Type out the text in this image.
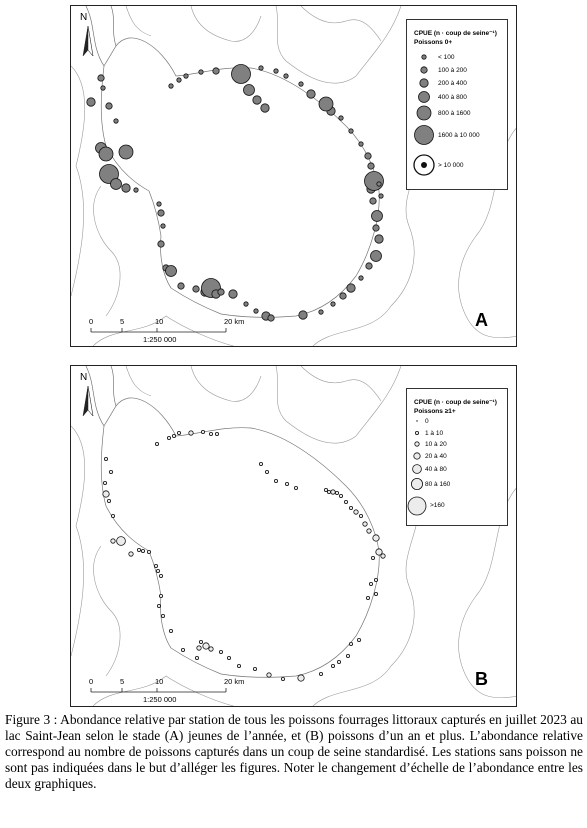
0	5	10	20 km
1:250 000
N
CPUE (n · coup de seine⁻¹)
Poissons 0+
< 100
100 à 200
200 à 400
400 à 800
800 à 1600
1600 à 10 000
> 10 000
A
0	5	10	20 km
1:250 000
N
CPUE (n · coup de seine⁻¹)
Poissons ≥1+
0
1 à 10
10 à 20
20 à 40
40 à 80
80 à 160
>160
B
Figure 3 : Abondance relative par station de tous les poissons fourrages littoraux capturés en juillet 2023 au lac Saint-Jean selon le stade (A) jeunes de l’année, et (B) poissons d’un an et plus. L’abondance relative correspond au nombre de poissons capturés dans un coup de seine standardisé. Les stations sans poisson ne sont pas indiquées dans le but d’alléger les figures. Noter le changement d’échelle de l’abondance entre les deux graphiques.
